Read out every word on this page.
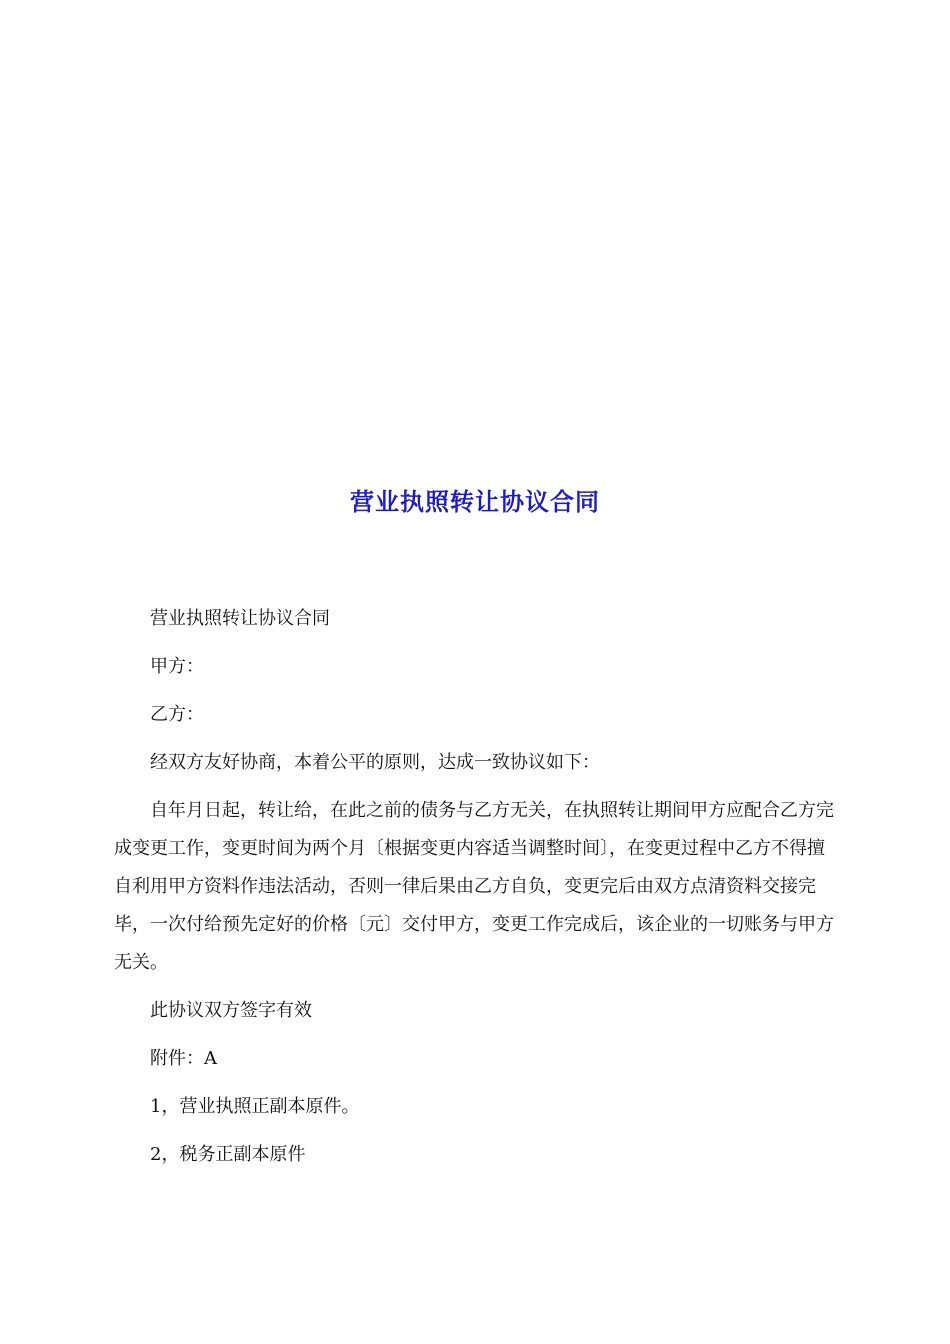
营业执照转让协议合同
营业执照转让协议合同
甲方：
乙方：
经双方友好协商，本着公平的原则，达成一致协议如下：
自年月日起，转让给，在此之前的债务与乙方无关，在执照转让期间甲方应配合乙方完成变更工作，变更时间为两个月〔根据变更内容适当调整时间〕，在变更过程中乙方不得擅自利用甲方资料作违法活动，否则一律后果由乙方自负，变更完后由双方点清资料交接完毕，一次付给预先定好的价格〔元〕交付甲方，变更工作完成后，该企业的一切账务与甲方无关。
此协议双方签字有效
附件：A
1，营业执照正副本原件。
2，税务正副本原件
